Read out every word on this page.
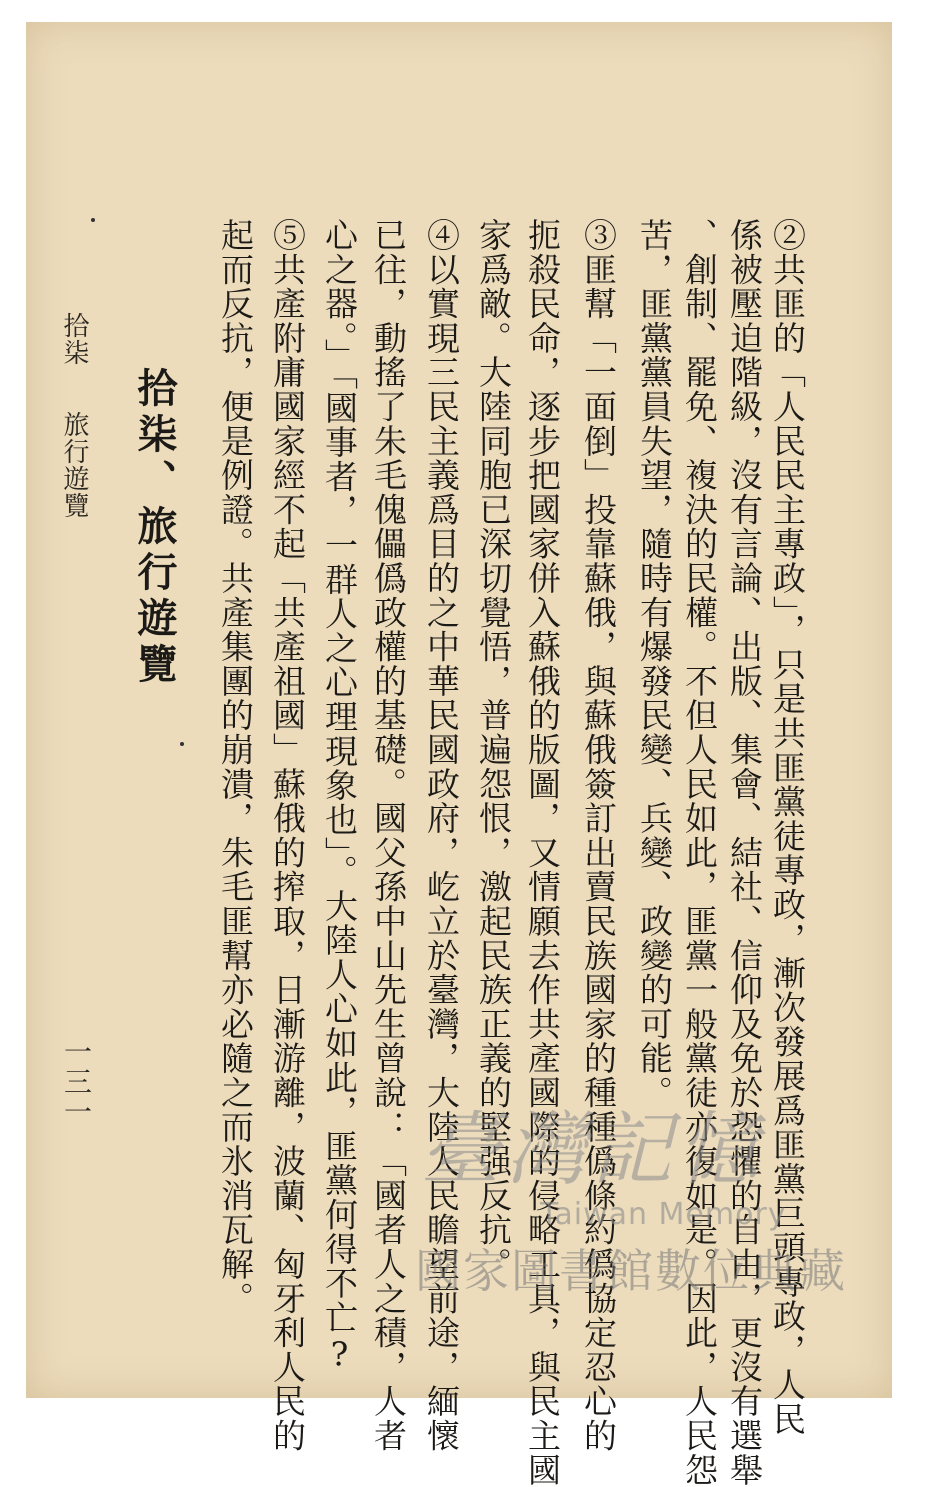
②共匪的「人民民主專政」，只是共匪黨徒專政，漸次發展爲匪黨巨頭專政，人民

係被壓迫階級，沒有言論、出版、集會、結社、信仰及免於恐懼的自由，更沒有選舉

、創制、罷免、複決的民權。不但人民如此，匪黨一般黨徒亦復如是。因此，人民怨

苦，匪黨黨員失望，隨時有爆發民變、兵變、政變的可能。

③匪幫「一面倒」投靠蘇俄，與蘇俄簽訂出賣民族國家的種種僞條約僞協定忍心的

扼殺民命，逐步把國家併入蘇俄的版圖，又情願去作共產國際的侵略工具，與民主國

家爲敵。大陸同胞已深切覺悟，普遍怨恨，激起民族正義的堅强反抗。

④以實現三民主義爲目的之中華民國政府，屹立於臺灣，大陸人民瞻望前途，緬懷

已往，動搖了朱毛傀儡僞政權的基礎。國父孫中山先生曾說：「國者人之積，人者

心之器。」「國事者，一群人之心理現象也」。大陸人心如此，匪黨何得不亡?

⑤共產附庸國家經不起「共產祖國」蘇俄的搾取，日漸游離，波蘭、匈牙利人民的

起而反抗，便是例證。共產集團的崩潰，朱毛匪幫亦必隨之而氷消瓦解。

拾柒、旅行遊覽

拾柒 旅行遊覽

一三一

臺灣記憶
Taiwan Memory
國家圖書館數位典藏
